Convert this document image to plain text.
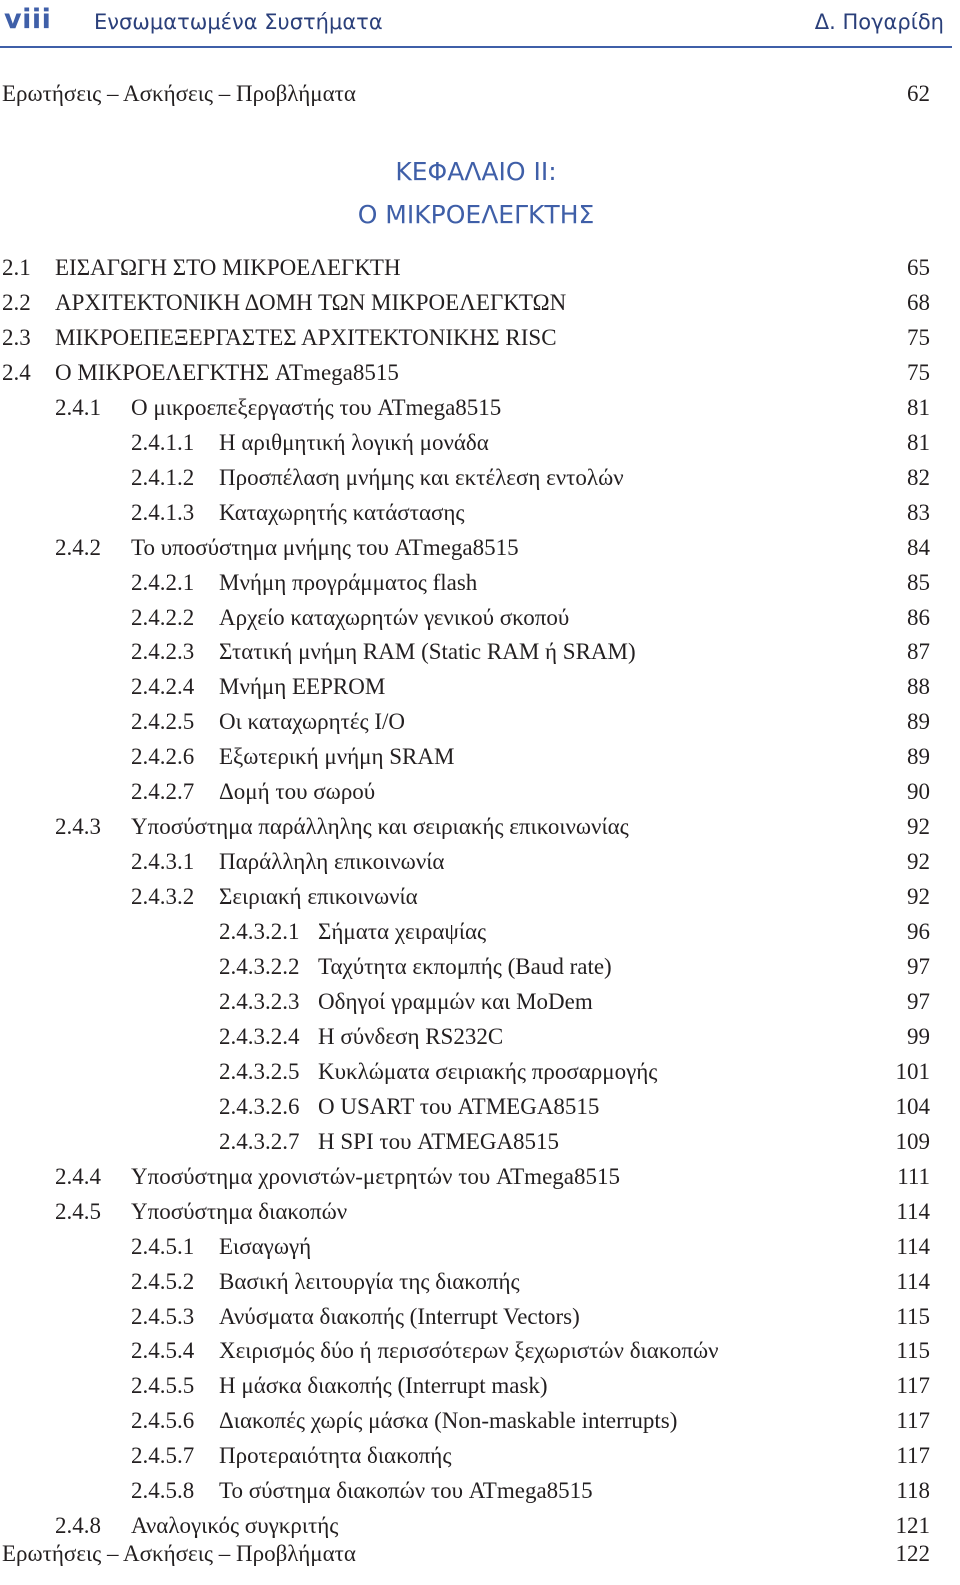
viii Ενσωματωμένα Συστήματα	Δ. Πογαρίδη
Ερωτήσεις – Ασκήσεις – Προβλήματα	62
ΚΕΦΑΛΑΙΟ II:
Ο ΜΙΚΡΟΕΛΕΓΚΤΗΣ
2.1 ΕΙΣΑΓΩΓΗ ΣΤΟ ΜΙΚΡΟΕΛΕΓΚΤΗ	65
2.2 ΑΡΧΙΤΕΚΤΟΝΙΚΗ ΔΟΜΗ ΤΩΝ ΜΙΚΡΟΕΛΕΓΚΤΩΝ	68
2.3 ΜΙΚΡΟΕΠΕΞΕΡΓΑΣΤΕΣ ΑΡΧΙΤΕΚΤΟΝΙΚΗΣ RISC	75
2.4 Ο ΜΙΚΡΟΕΛΕΓΚΤΗΣ ATmega8515	75
2.4.1 Ο μικροεπεξεργαστής του ATmega8515	81
2.4.1.1 Η αριθμητική λογική μονάδα	81
2.4.1.2 Προσπέλαση μνήμης και εκτέλεση εντολών	82
2.4.1.3 Καταχωρητής κατάστασης	83
2.4.2 Το υποσύστημα μνήμης του ATmega8515	84
2.4.2.1 Μνήμη προγράμματος flash	85
2.4.2.2 Αρχείο καταχωρητών γενικού σκοπού	86
2.4.2.3 Στατική μνήμη RAM (Static RAM ή SRAM)	87
2.4.2.4 Μνήμη EEPROM	88
2.4.2.5 Οι καταχωρητές I/O	89
2.4.2.6 Εξωτερική μνήμη SRAM	89
2.4.2.7 Δομή του σωρού	90
2.4.3 Υποσύστημα παράλληλης και σειριακής επικοινωνίας	92
2.4.3.1 Παράλληλη επικοινωνία	92
2.4.3.2 Σειριακή επικοινωνία	92
2.4.3.2.1 Σήματα χειραψίας	96
2.4.3.2.2 Ταχύτητα εκπομπής (Baud rate)	97
2.4.3.2.3 Οδηγοί γραμμών και MoDem	97
2.4.3.2.4 Η σύνδεση RS232C	99
2.4.3.2.5 Κυκλώματα σειριακής προσαρμογής	101
2.4.3.2.6 Ο USART του ATMEGA8515	104
2.4.3.2.7 Η SPI του ATMEGA8515	109
2.4.4 Υποσύστημα χρονιστών-μετρητών του ATmega8515	111
2.4.5 Υποσύστημα διακοπών	114
2.4.5.1 Εισαγωγή	114
2.4.5.2 Βασική λειτουργία της διακοπής	114
2.4.5.3 Ανύσματα διακοπής (Interrupt Vectors)	115
2.4.5.4 Χειρισμός δύο ή περισσότερων ξεχωριστών διακοπών	115
2.4.5.5 Η μάσκα διακοπής (Interrupt mask)	117
2.4.5.6 Διακοπές χωρίς μάσκα (Non-maskable interrupts)	117
2.4.5.7 Προτεραιότητα διακοπής	117
2.4.5.8 Το σύστημα διακοπών του ATmega8515	118
2.4.8 Αναλογικός συγκριτής	121
Ερωτήσεις – Ασκήσεις – Προβλήματα	122
